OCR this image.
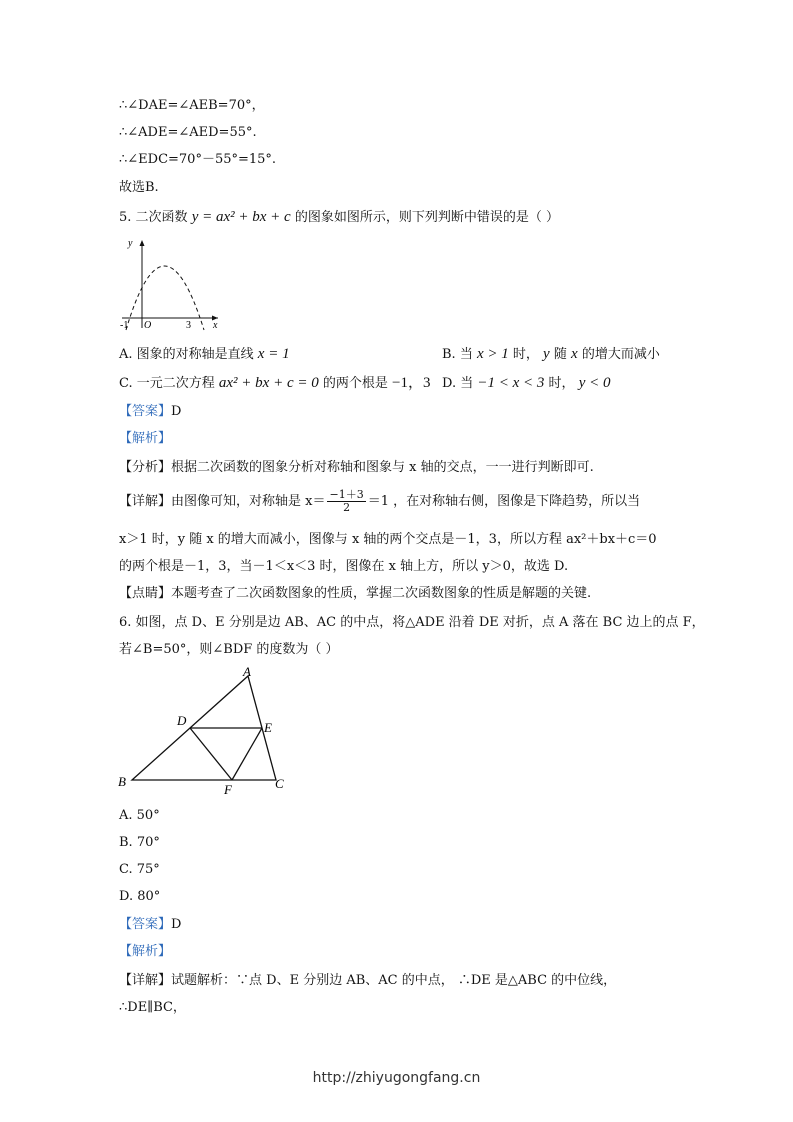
∴∠DAE=∠AEB=70°，
∴∠ADE=∠AED=55°.
∴∠EDC=70°－55°=15°.
故选B.
5. 二次函数 y = ax² + bx + c 的图象如图所示，则下列判断中错误的是（ ）
y
x
-1 O	3
A. 图象的对称轴是直线 x = 1	B. 当 x > 1 时， y 随 x 的增大而减小
C. 一元二次方程 ax² + bx + c = 0 的两个根是 −1，3 D. 当 −1 < x < 3 时， y < 0
【答案】D
【解析】
【分析】根据二次函数的图象分析对称轴和图象与 x 轴的交点，一一进行判断即可.
【详解】由图像可知，对称轴是 $x= \frac{-1+3}{2} =1$ ，在对称轴右侧，图像是下降趋势，所以当
x＞1 时，y 随 x 的增大而减小，图像与 x 轴的两个交点是－1，3，所以方程 ax²＋bx＋c＝0
的两个根是－1，3，当－1＜x＜3 时，图像在 x 轴上方，所以 y＞0，故选 D.
【点睛】本题考查了二次函数图象的性质，掌握二次函数图象的性质是解题的关键.
6. 如图，点 D、E 分别是边 AB、AC 的中点，将△ADE 沿着 DE 对折，点 A 落在 BC 边上的点 F，
若∠B=50°，则∠BDF 的度数为（ ）
A
B	C
D	E
F
A. 50°
B. 70°
C. 75°
D. 80°
【答案】D
【解析】
【详解】试题解析：∵点 D、E 分别边 AB、AC 的中点， ∴DE 是△ABC 的中位线，
∴DE∥BC，
http://zhiyugongfang.cn
